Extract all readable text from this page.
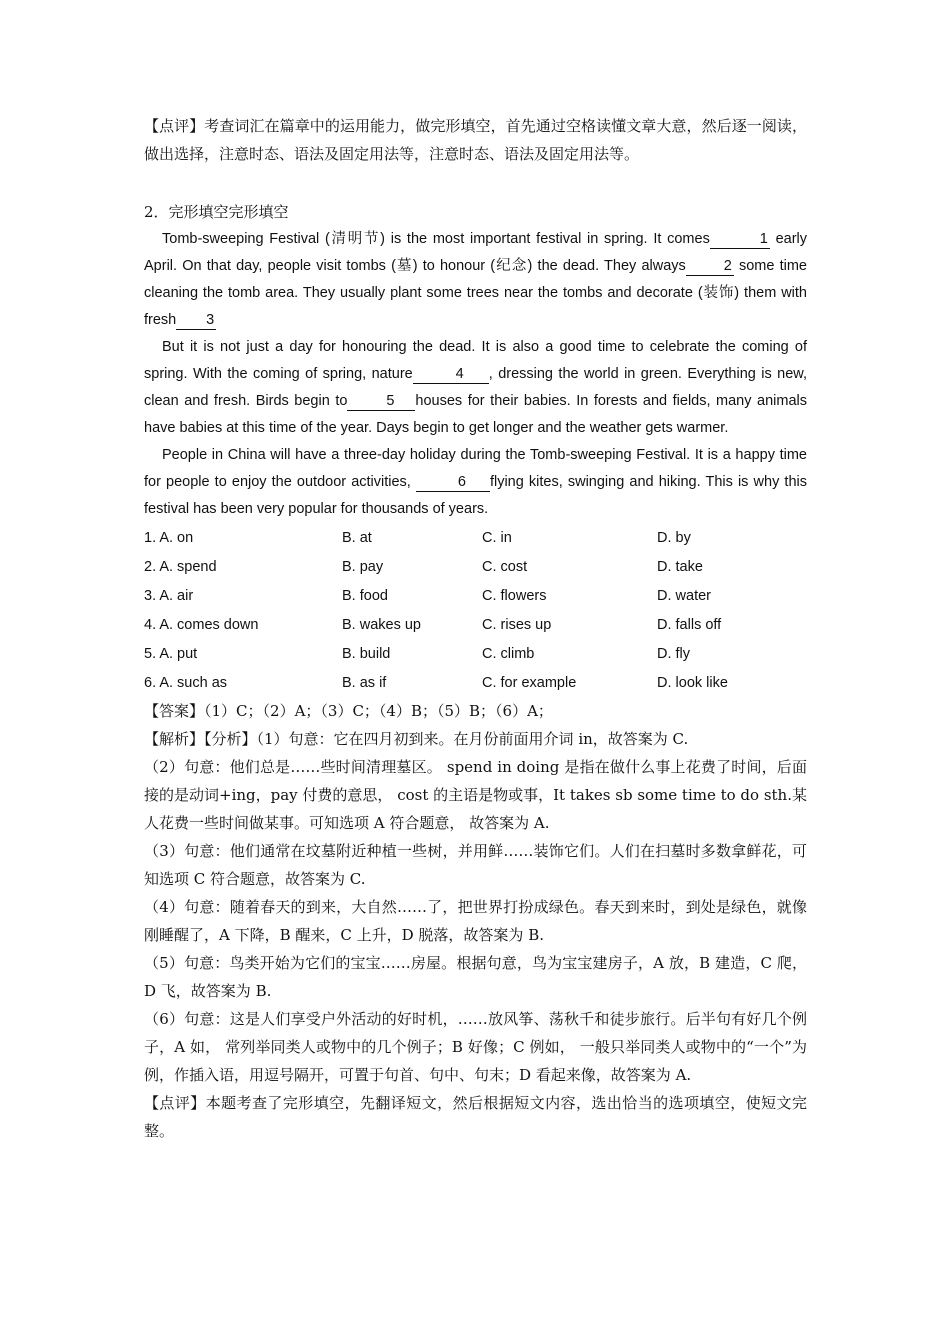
【点评】考查词汇在篇章中的运用能力，做完形填空，首先通过空格读懂文章大意，然后逐一阅读，做出选择，注意时态、语法及固定用法等，注意时态、语法及固定用法等。

2．完形填空完形填空

Tomb-sweeping Festival (清明节) is the most important festival in spring. It comes	1 early April. On that day, people visit tombs (墓) to honour (纪念) the dead. They always	2 some time cleaning the tomb area. They usually plant some trees near the tombs and decorate (装饰) them with fresh 3

But it is not just a day for honouring the dead. It is also a good time to celebrate the coming of spring. With the coming of spring, nature	4 , dressing the world in green. Everything is new, clean and fresh. Birds begin to	5 houses for their babies. In forests and fields, many animals have babies at this time of the year. Days begin to get longer and the weather gets warmer.

People in China will have a three-day holiday during the Tomb-sweeping Festival. It is a happy time for people to enjoy the outdoor activities,	6 flying kites, swinging and hiking. This is why this festival has been very popular for thousands of years.

1. A. on	B. at	C. in	D. by
2. A. spend	B. pay	C. cost	D. take
3. A. air	B. food	C. flowers	D. water
4. A. comes down	B. wakes up	C. rises up	D. falls off
5. A. put	B. build	C. climb	D. fly
6. A. such as	B. as if	C. for example	D. look like

【答案】（1）C；（2）A；（3）C；（4）B；（5）B；（6）A；

【解析】【分析】（1）句意：它在四月初到来。在月份前面用介词 in，故答案为 C.

（2）句意：他们总是……些时间清理墓区。 spend in doing 是指在做什么事上花费了时间，后面接的是动词+ing，pay 付费的意思， cost 的主语是物或事，It takes sb some time to do sth.某人花费一些时间做某事。可知选项 A 符合题意， 故答案为 A.

（3）句意：他们通常在坟墓附近种植一些树，并用鲜……装饰它们。人们在扫墓时多数拿鲜花，可知选项 C 符合题意，故答案为 C.

（4）句意：随着春天的到来，大自然……了，把世界打扮成绿色。春天到来时，到处是绿色，就像刚睡醒了，A 下降，B 醒来，C 上升，D 脱落，故答案为 B.

（5）句意：鸟类开始为它们的宝宝……房屋。根据句意，鸟为宝宝建房子，A 放，B 建造，C 爬，D 飞，故答案为 B.

（6）句意：这是人们享受户外活动的好时机，……放风筝、荡秋千和徒步旅行。后半句有好几个例子，A 如， 常列举同类人或物中的几个例子；B 好像；C 例如， 一般只举同类人或物中的“一个”为例，作插入语，用逗号隔开，可置于句首、句中、句末；D 看起来像，故答案为 A.

【点评】本题考查了完形填空，先翻译短文，然后根据短文内容，选出恰当的选项填空，使短文完整。
